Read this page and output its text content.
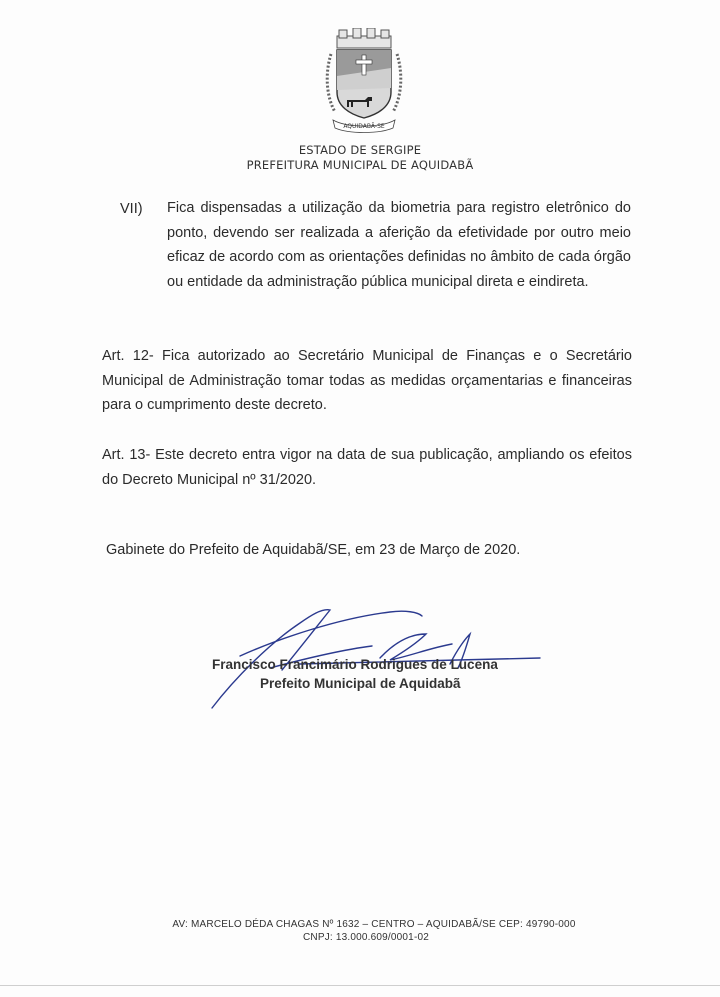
AQUIDABÃ-SE
ESTADO DE SERGIPE
PREFEITURA MUNICIPAL DE AQUIDABÃ
VII) Fica dispensadas a utilização da biometria para registro eletrônico do ponto, devendo ser realizada a aferição da efetividade por outro meio eficaz de acordo com as orientações definidas no âmbito de cada órgão ou entidade da administração pública municipal direta e eindireta.
Art. 12- Fica autorizado ao Secretário Municipal de Finanças e o Secretário Municipal de Administração tomar todas as medidas orçamentarias e financeiras para o cumprimento deste decreto.
Art. 13- Este decreto entra vigor na data de sua publicação, ampliando os efeitos do Decreto Municipal nº 31/2020.
Gabinete do Prefeito de Aquidabã/SE, em 23 de Março de 2020.
Francisco Francimário Rodrigues de Lucena
Prefeito Municipal de Aquidabã
AV: MARCELO DÉDA CHAGAS Nº 1632 – CENTRO – AQUIDABÃ/SE CEP: 49790-000
CNPJ: 13.000.609/0001-02
